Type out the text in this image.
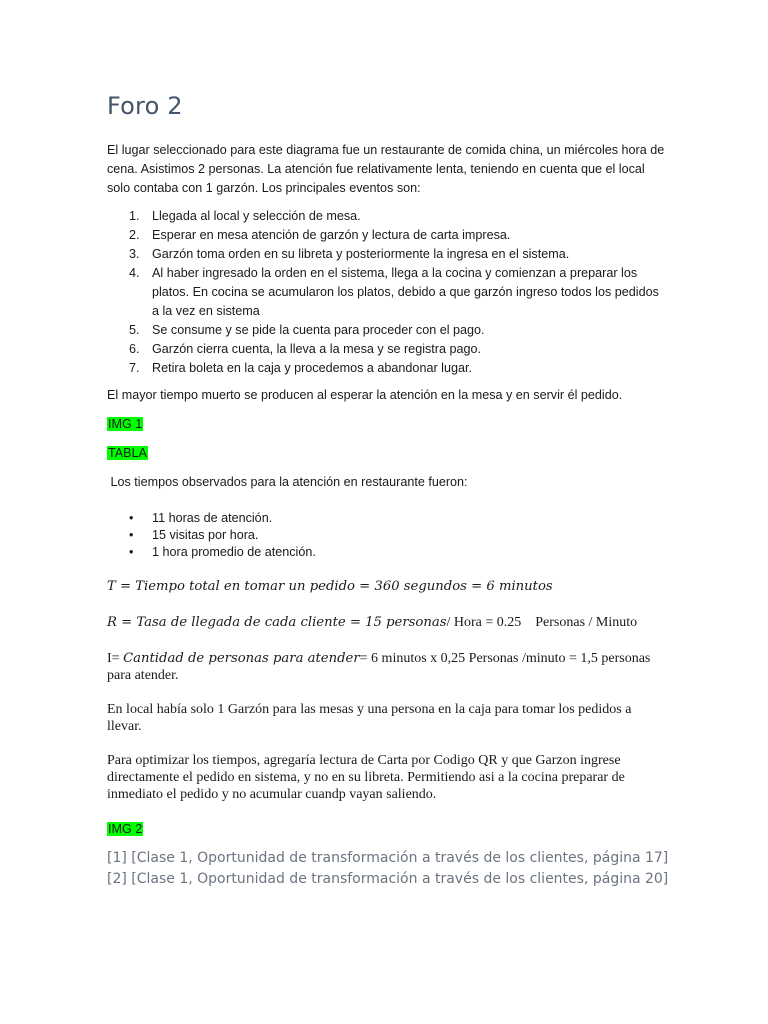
Foro 2

El lugar seleccionado para este diagrama fue un restaurante de comida china, un miércoles hora de cena. Asistimos 2 personas. La atención fue relativamente lenta, teniendo en cuenta que el local solo contaba con 1 garzón. Los principales eventos son:

1. Llegada al local y selección de mesa.
2. Esperar en mesa atención de garzón y lectura de carta impresa.
3. Garzón toma orden en su libreta y posteriormente la ingresa en el sistema.
4. Al haber ingresado la orden en el sistema, llega a la cocina y comienzan a preparar los platos. En cocina se acumularon los platos, debido a que garzón ingreso todos los pedidos a la vez en sistema
5. Se consume y se pide la cuenta para proceder con el pago.
6. Garzón cierra cuenta, la lleva a la mesa y se registra pago.
7. Retira boleta en la caja y procedemos a abandonar lugar.

El mayor tiempo muerto se producen al esperar la atención en la mesa y en servir él pedido.

IMG 1

TABLA

Los tiempos observados para la atención en restaurante fueron:

• 11 horas de atención.
• 15 visitas por hora.
• 1 hora promedio de atención.

T = Tiempo total en tomar un pedido = 360 segundos = 6 minutos

R = Tasa de llegada de cada cliente = 15 personas/ Hora = 0.25    Personas / Minuto

I= Cantidad de personas para atender= 6 minutos x 0,25 Personas /minuto = 1,5 personas para atender.

En local había solo 1 Garzón para las mesas y una persona en la caja para tomar los pedidos a llevar.

Para optimizar los tiempos, agregaría lectura de Carta por Codigo QR y que Garzon ingrese directamente el pedido en sistema, y no en su libreta. Permitiendo asi a la cocina preparar de inmediato el pedido y no acumular cuandp vayan saliendo.

IMG 2

[1] [Clase 1, Oportunidad de transformación a través de los clientes, página 17]
[2] [Clase 1, Oportunidad de transformación a través de los clientes, página 20]
